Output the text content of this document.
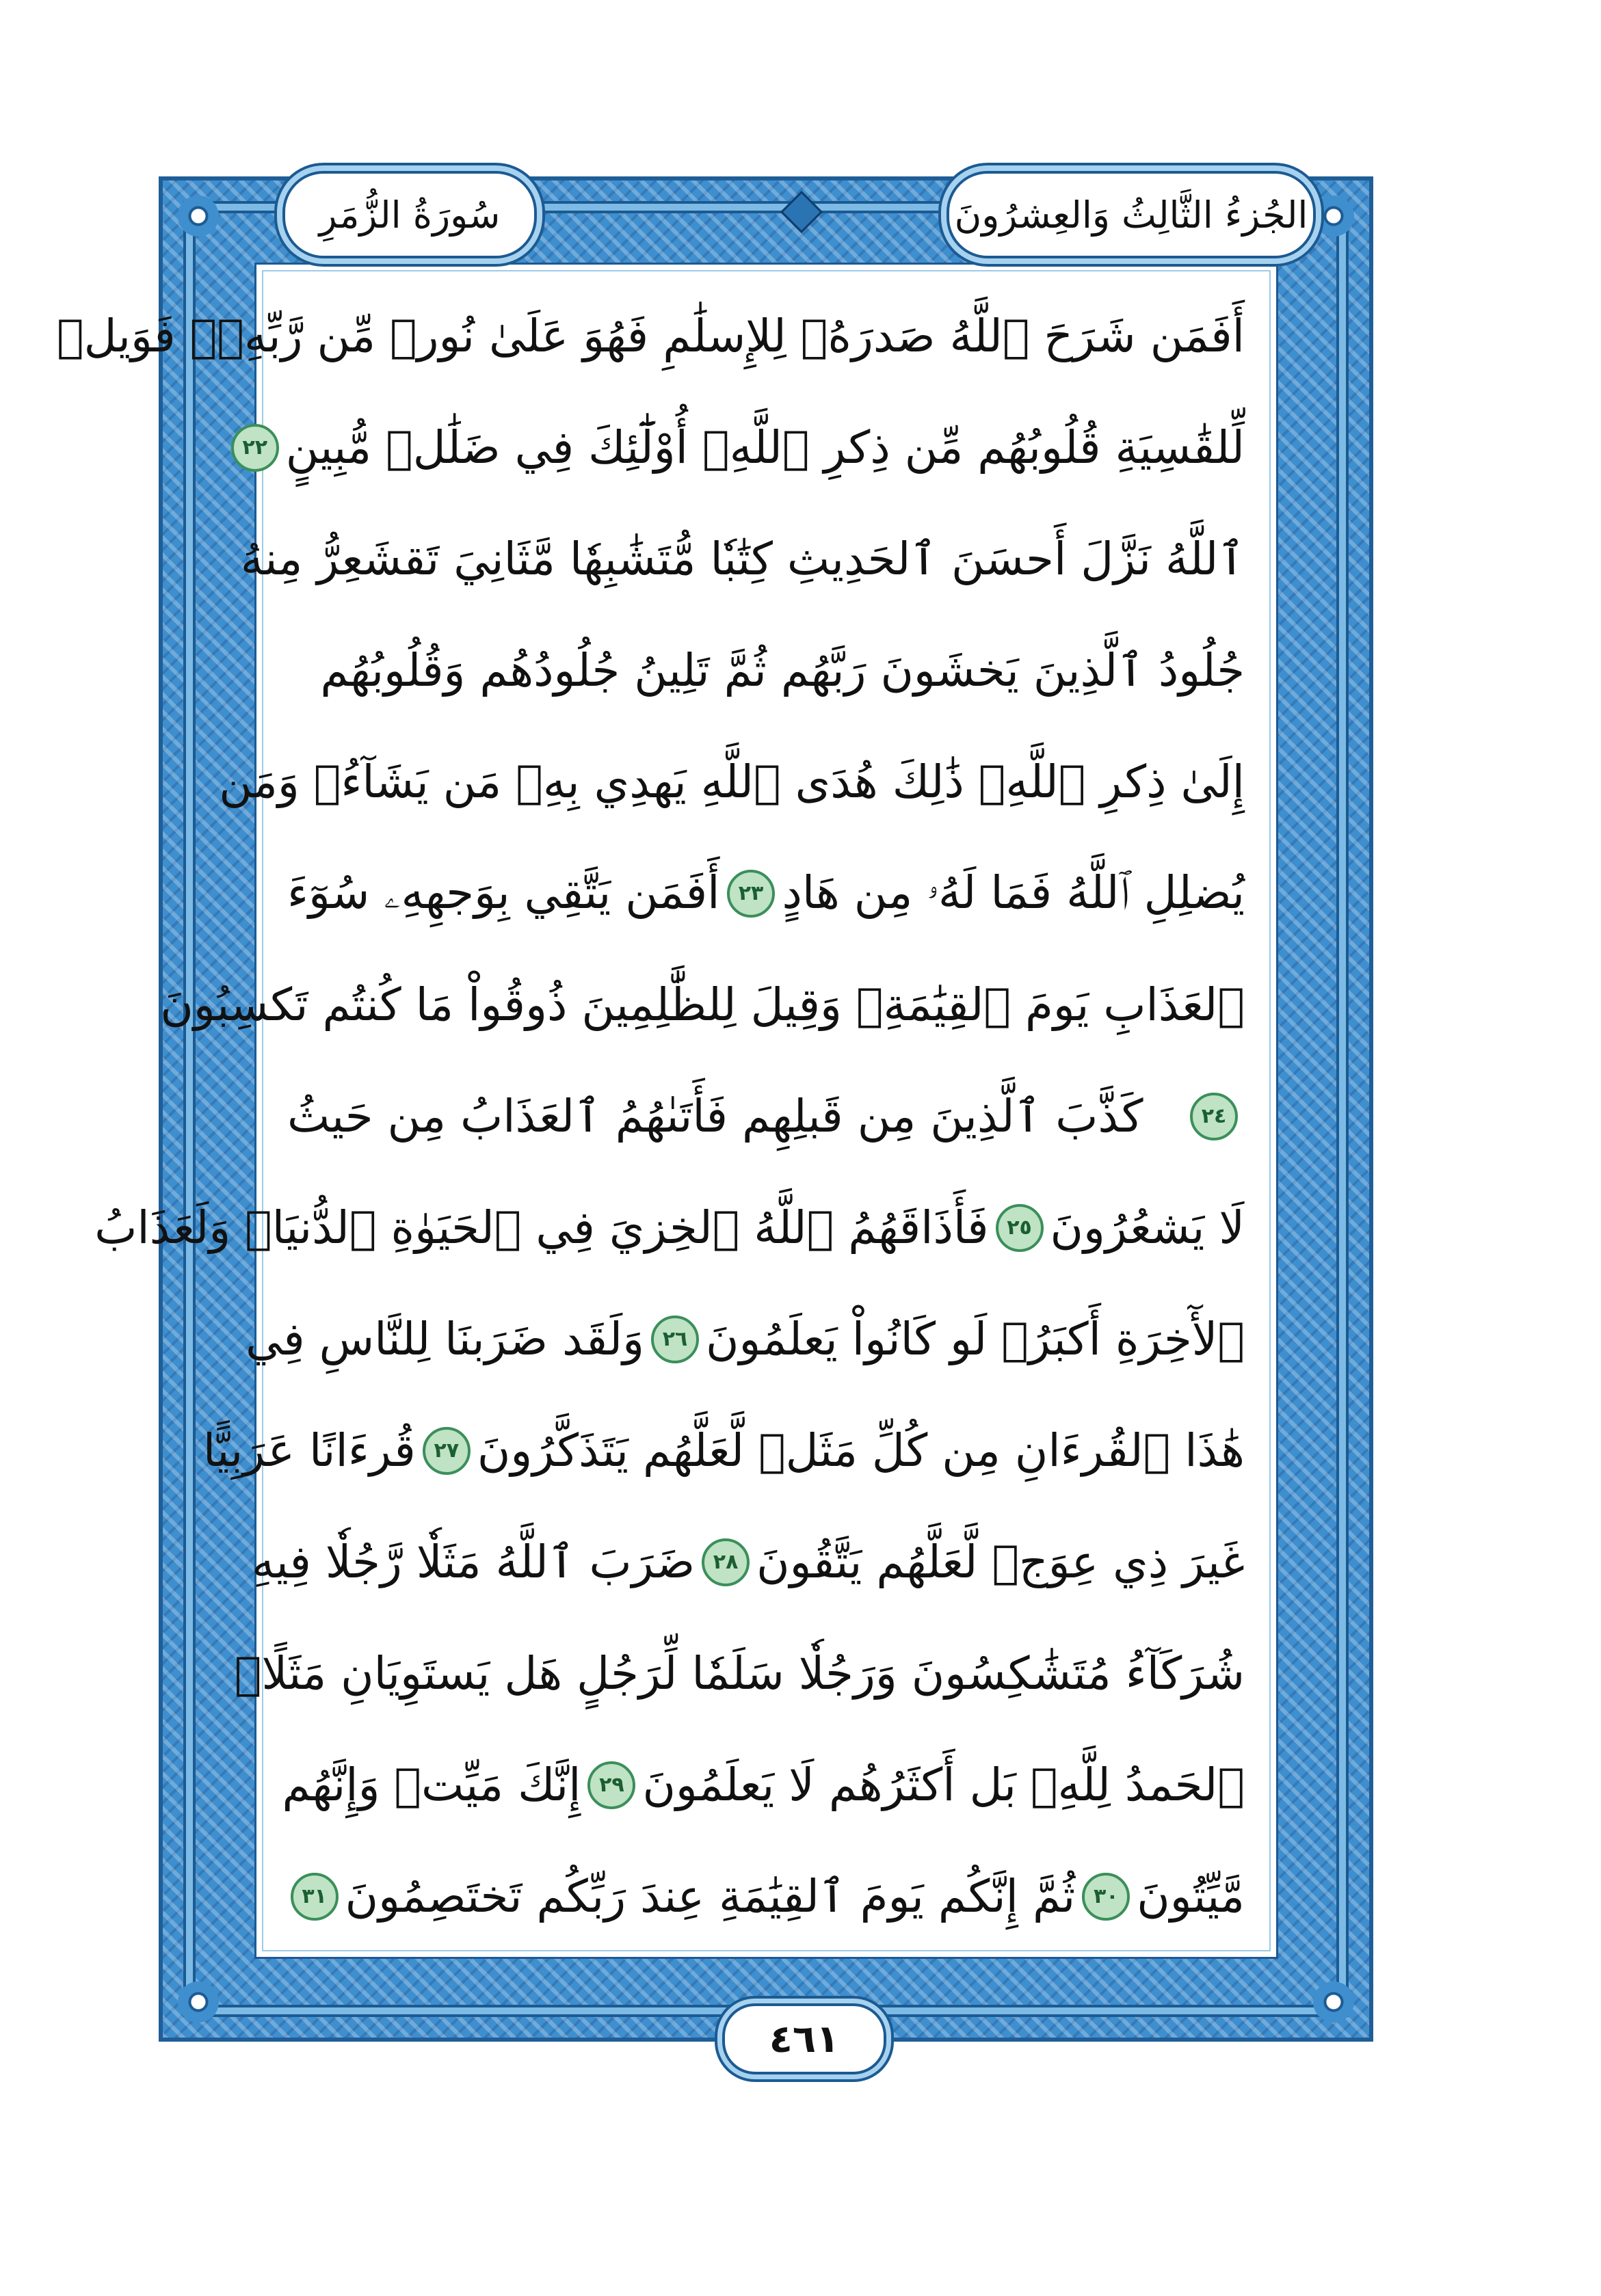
الجُزءُ الثَّالِثُ وَالعِشرُونَ
سُورَةُ الزُّمَرِ
أَفَمَن شَرَحَ ٱللَّهُ صَدرَهُۥ لِلإِسلَٰمِ فَهُوَ عَلَىٰ نُورٖ مِّن رَّبِّهِۦۚ فَوَيلٞ
لِّلقَٰسِيَةِ قُلُوبُهُم مِّن ذِكرِ ٱللَّهِۚ أُوْلَٰٓئِكَ فِي ضَلَٰلٖ مُّبِينٍ
٢٢
ٱللَّهُ نَزَّلَ أَحسَنَ ٱلحَدِيثِ كِتَٰبٗا مُّتَشَٰبِهٗا مَّثَانِيَ تَقشَعِرُّ مِنهُ
جُلُودُ ٱلَّذِينَ يَخشَونَ رَبَّهُم ثُمَّ تَلِينُ جُلُودُهُم وَقُلُوبُهُم
إِلَىٰ ذِكرِ ٱللَّهِۚ ذَٰلِكَ هُدَى ٱللَّهِ يَهدِي بِهِۦ مَن يَشَآءُۚ وَمَن
يُضلِلِ ٱللَّهُ فَمَا لَهُۥ مِن هَادٍ
٢٣
أَفَمَن يَتَّقِي بِوَجهِهِۦ سُوٓءَ
ٱلعَذَابِ يَومَ ٱلقِيَٰمَةِۚ وَقِيلَ لِلظَّٰلِمِينَ ذُوقُواْ مَا كُنتُم تَكسِبُونَ
٢٤
كَذَّبَ ٱلَّذِينَ مِن قَبلِهِم فَأَتَىٰهُمُ ٱلعَذَابُ مِن حَيثُ
لَا يَشعُرُونَ
٢٥
فَأَذَاقَهُمُ ٱللَّهُ ٱلخِزيَ فِي ٱلحَيَوٰةِ ٱلدُّنيَاۖ وَلَعَذَابُ
ٱلأٓخِرَةِ أَكبَرُۚ لَو كَانُواْ يَعلَمُونَ
٢٦
وَلَقَد ضَرَبنَا لِلنَّاسِ فِي
هَٰذَا ٱلقُرءَانِ مِن كُلِّ مَثَلٖ لَّعَلَّهُم يَتَذَكَّرُونَ
٢٧
قُرءَانًا عَرَبِيًّا
غَيرَ ذِي عِوَجٖ لَّعَلَّهُم يَتَّقُونَ
٢٨
ضَرَبَ ٱللَّهُ مَثَلٗا رَّجُلٗا فِيهِ
شُرَكَآءُ مُتَشَٰكِسُونَ وَرَجُلٗا سَلَمٗا لِّرَجُلٍ هَل يَستَوِيَانِ مَثَلًاۚ
ٱلحَمدُ لِلَّهِۚ بَل أَكثَرُهُم لَا يَعلَمُونَ
٢٩
إِنَّكَ مَيِّتٞ وَإِنَّهُم
مَّيِّتُونَ
٣٠
ثُمَّ إِنَّكُم يَومَ ٱلقِيَٰمَةِ عِندَ رَبِّكُم تَختَصِمُونَ
٣١
٤٦١
